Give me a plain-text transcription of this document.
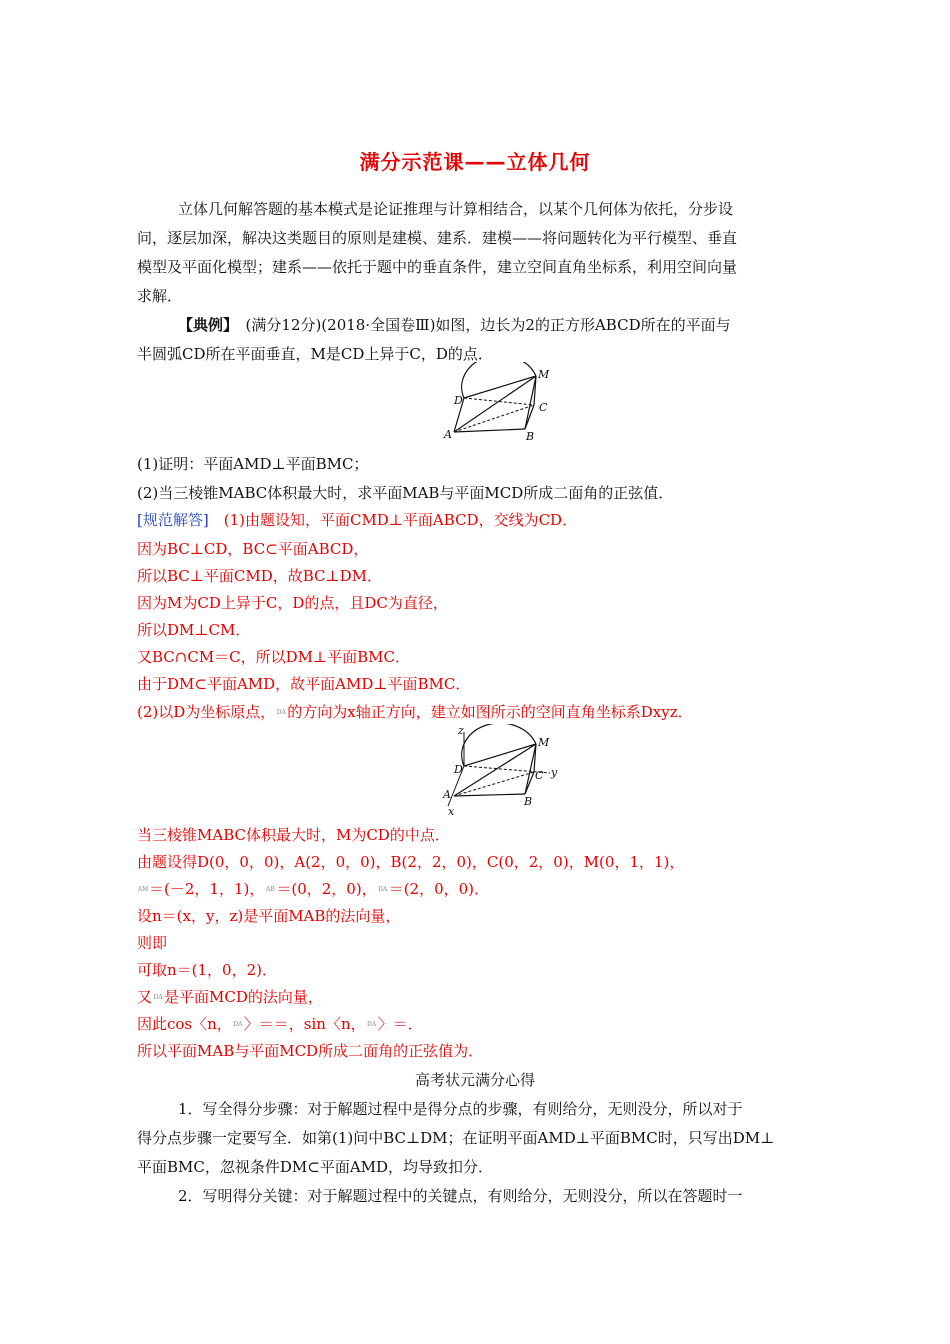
满分示范课——立体几何
立体几何解答题的基本模式是论证推理与计算相结合，以某个几何体为依托，分步设
问，逐层加深，解决这类题目的原则是建模、建系．建模——将问题转化为平行模型、垂直
模型及平面化模型；建系——依托于题中的垂直条件，建立空间直角坐标系，利用空间向量
求解．
【典例】　(满分12分)(2018·全国卷Ⅲ)如图，边长为2的正方形ABCD所在的平面与
半圆弧CD所在平面垂直，M是CD上异于C，D的点．
M
D
C
A	B
(1)证明：平面AMD⊥平面BMC；
(2)当三棱锥MABC体积最大时，求平面MAB与平面MCD所成二面角的正弦值．
[规范解答]　(1)由题设知，平面CMD⊥平面ABCD，交线为CD．
因为BC⊥CD，BC⊂平面ABCD，
所以BC⊥平面CMD，故BC⊥DM．
因为M为CD上异于C，D的点，且DC为直径，
所以DM⊥CM．
又BC∩CM＝C，所以DM⊥平面BMC．
由于DM⊂平面AMD，故平面AMD⊥平面BMC．
(2)以D为坐标原点，DA的方向为x轴正方向，建立如图所示的空间直角坐标系Dxyz．
z
M
D	C y
A
B
x
当三棱锥MABC体积最大时，M为CD的中点．
由题设得D(0，0，0)，A(2，0，0)，B(2，2，0)，C(0，2，0)，M(0，1，1)，
AM＝(－2，1，1)， AB ＝(0，2，0)，DA＝(2，0，0)．
设n＝(x，y，z)是平面MAB的法向量，
则即
可取n＝(1，0，2)．
又DA是平面MCD的法向量，
因此cos〈n，DA〉＝＝，sin〈n，DA〉＝．
所以平面MAB与平面MCD所成二面角的正弦值为．
高考状元满分心得
1．写全得分步骤：对于解题过程中是得分点的步骤，有则给分，无则没分，所以对于
得分点步骤一定要写全．如第(1)问中BC⊥DM；在证明平面AMD⊥平面BMC时，只写出DM⊥
平面BMC，忽视条件DM⊂平面AMD，均导致扣分．
2．写明得分关键：对于解题过程中的关键点，有则给分，无则没分，所以在答题时一
